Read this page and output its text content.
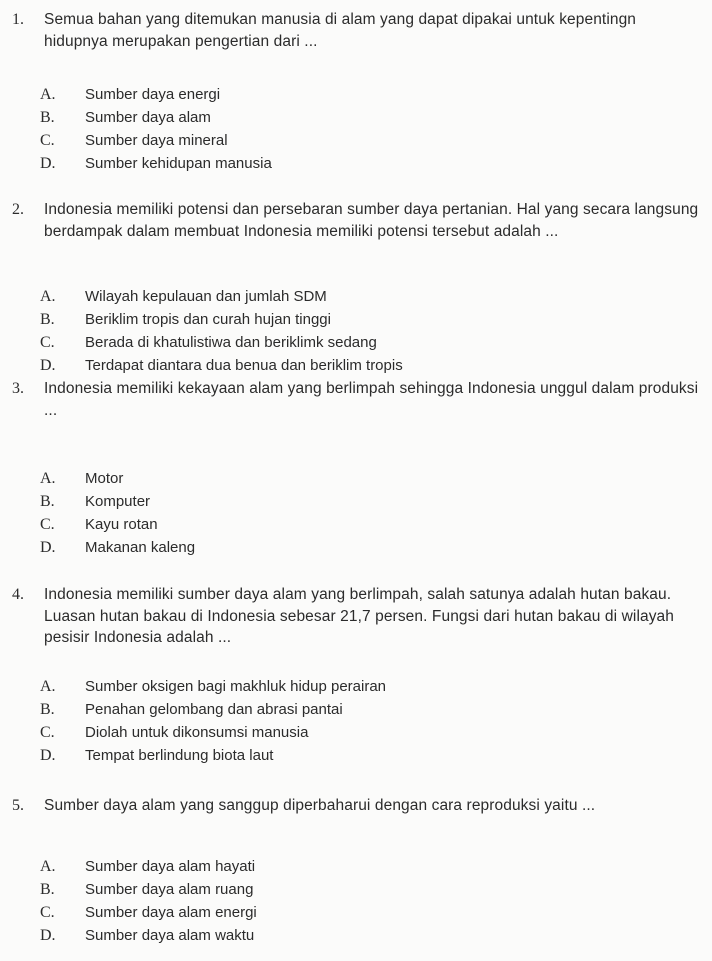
1. Semua bahan yang ditemukan manusia di alam yang dapat dipakai untuk kepentingn hidupnya merupakan pengertian dari ...
A. Sumber daya energi
B. Sumber daya alam
C. Sumber daya mineral
D. Sumber kehidupan manusia
2. Indonesia memiliki potensi dan persebaran sumber daya pertanian. Hal yang secara langsung berdampak dalam membuat Indonesia memiliki potensi tersebut adalah ...
A. Wilayah kepulauan dan jumlah SDM
B. Beriklim tropis dan curah hujan tinggi
C. Berada di khatulistiwa dan beriklimk sedang
D. Terdapat diantara dua benua dan beriklim tropis
3. Indonesia memiliki kekayaan alam yang berlimpah sehingga Indonesia unggul dalam produksi ...
A. Motor
B. Komputer
C. Kayu rotan
D. Makanan kaleng
4. Indonesia memiliki sumber daya alam yang berlimpah, salah satunya adalah hutan bakau. Luasan hutan bakau di Indonesia sebesar 21,7 persen. Fungsi dari hutan bakau di wilayah pesisir Indonesia adalah ...
A. Sumber oksigen bagi makhluk hidup perairan
B. Penahan gelombang dan abrasi pantai
C. Diolah untuk dikonsumsi manusia
D. Tempat berlindung biota laut
5. Sumber daya alam yang sanggup diperbaharui dengan cara reproduksi yaitu ...
A. Sumber daya alam hayati
B. Sumber daya alam ruang
C. Sumber daya alam energi
D. Sumber daya alam waktu
